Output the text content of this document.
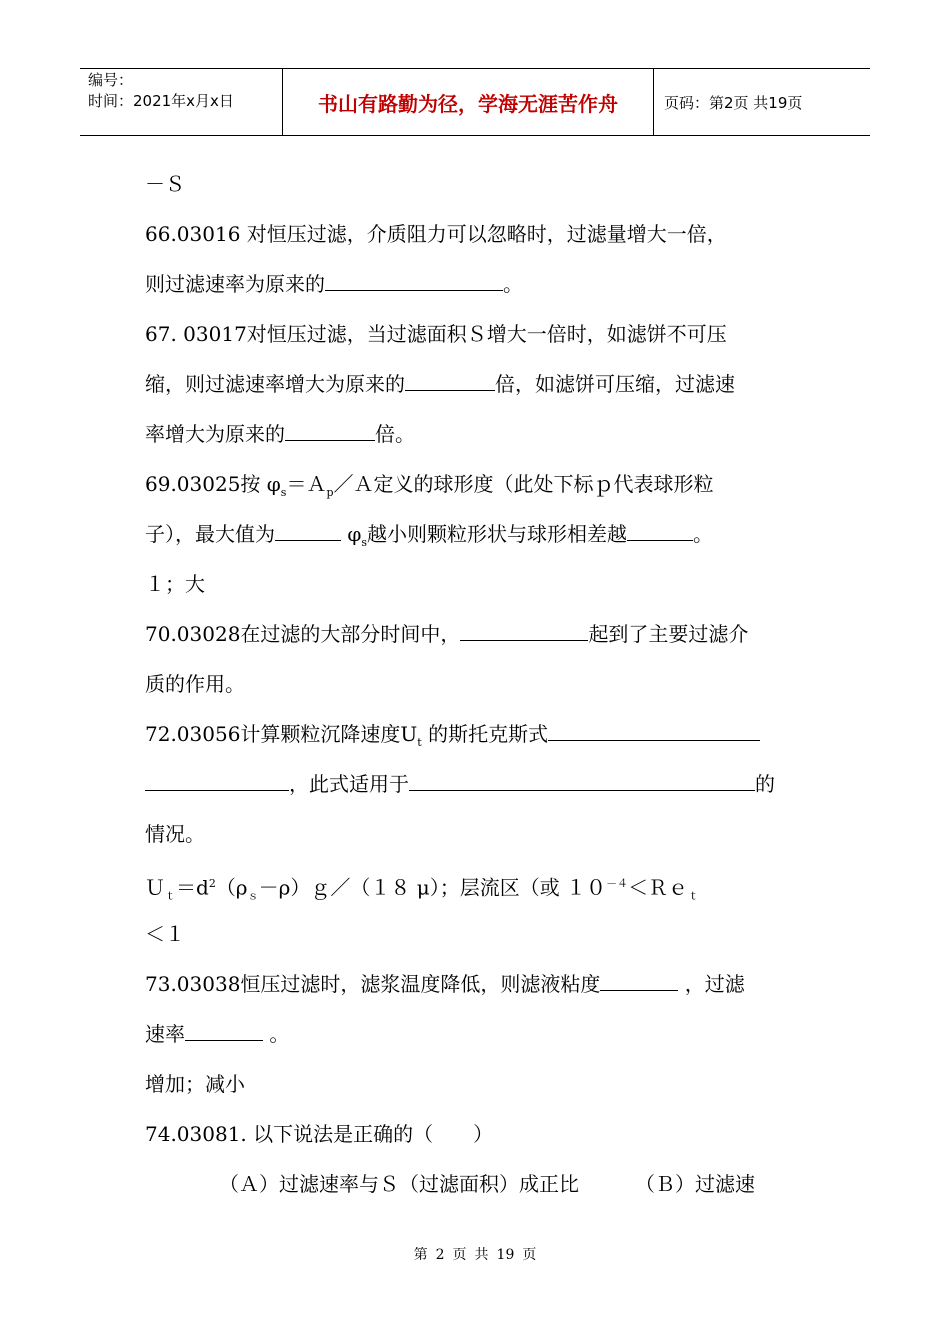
编号：
时间：2021年x月x日	书山有路勤为径，学海无涯苦作舟	页码：第2页 共19页
－Ｓ
66.03016 对恒压过滤，介质阻力可以忽略时，过滤量增大一倍，
则过滤速率为原来的	。
67. 03017对恒压过滤，当过滤面积Ｓ增大一倍时，如滤饼不可压
缩，则过滤速率增大为原来的	倍，如滤饼可压缩，过滤速
率增大为原来的	倍。
69.03025按 $\varphi_s=A_p/A$定义的球形度（此处下标ｐ代表球形粒
子），最大值为	$\varphi_s$越小则颗粒形状与球形相差越	。
１；大
70.03028在过滤的大部分时间中，	起到了主要过滤介
质的作用。
72.03056计算颗粒沉降速度$U_t$ 的斯托克斯式
，此式适用于	的
情况。
$U_t=d^2(\rho_s-\rho)g/(18$ μ）；层流区（或 $10^{-4}<Re_t$
＜１
73.03038恒压过滤时，滤浆温度降低，则滤液粘度	，过滤
速率	。
增加；减小
74.03081. 以下说法是正确的（　　）
（Ａ）过滤速率与Ｓ（过滤面积）成正比	（Ｂ）过滤速
第 2 页 共 19 页
